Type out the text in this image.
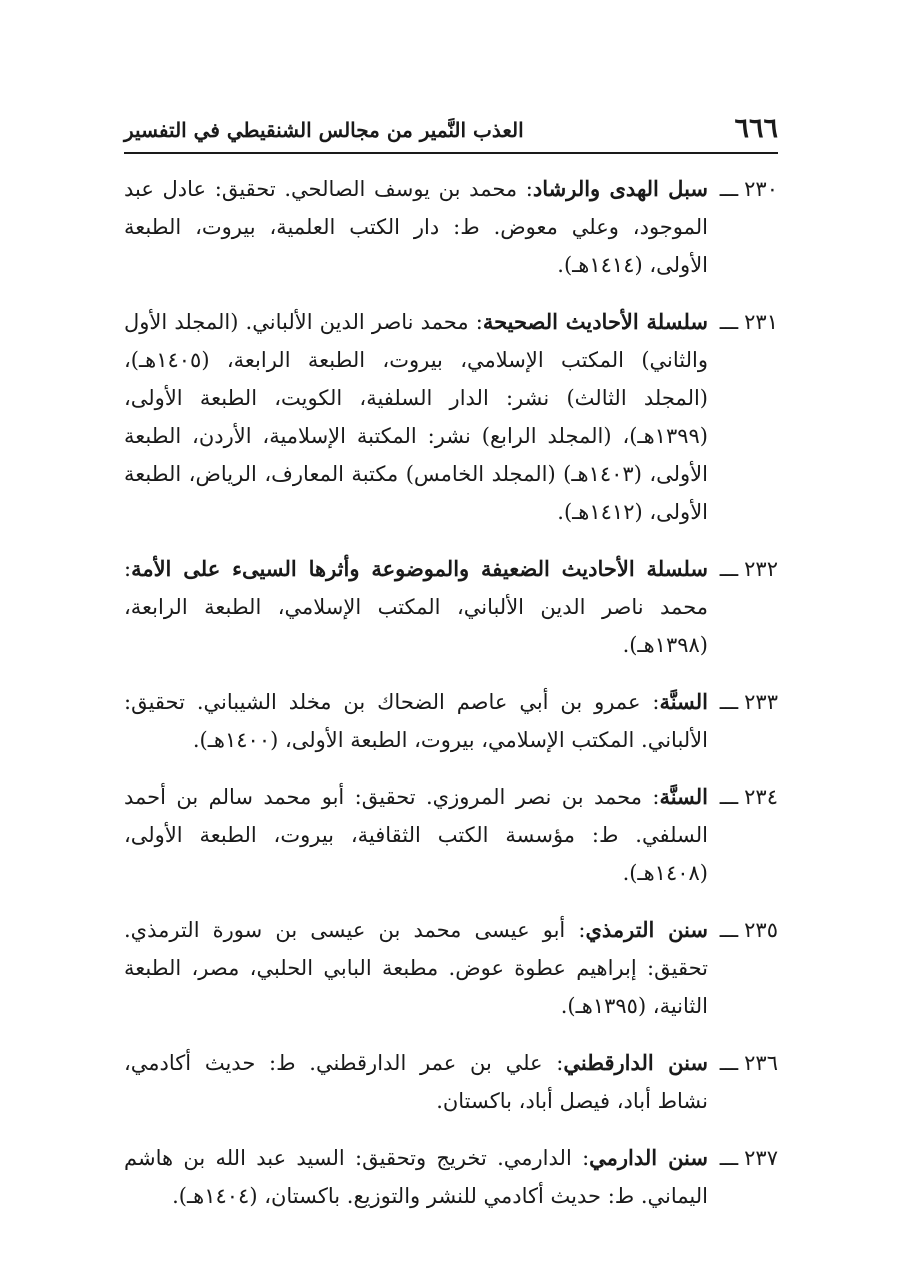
٦٦٦
العذب النَّمير من مجالس الشنقيطي في التفسير
٢٣٠ـــ
سبل الهدى والرشاد: محمد بن يوسف الصالحي. تحقيق: عادل عبد الموجود، وعلي معوض. ط: دار الكتب العلمية، بيروت، الطبعة الأولى، (١٤١٤هـ).
٢٣١ـــ
سلسلة الأحاديث الصحيحة: محمد ناصر الدين الألباني. (المجلد الأول والثاني) المكتب الإسلامي، بيروت، الطبعة الرابعة، (١٤٠٥هـ)، (المجلد الثالث) نشر: الدار السلفية، الكويت، الطبعة الأولى، (١٣٩٩هـ)، (المجلد الرابع) نشر: المكتبة الإسلامية، الأردن، الطبعة الأولى، (١٤٠٣هـ) (المجلد الخامس) مكتبة المعارف، الرياض، الطبعة الأولى، (١٤١٢هـ).
٢٣٢ـــ
سلسلة الأحاديث الضعيفة والموضوعة وأثرها السيىء على الأمة: محمد ناصر الدين الألباني، المكتب الإسلامي، الطبعة الرابعة، (١٣٩٨هـ).
٢٣٣ـــ
السنَّة: عمرو بن أبي عاصم الضحاك بن مخلد الشيباني. تحقيق: الألباني. المكتب الإسلامي، بيروت، الطبعة الأولى، (١٤٠٠هـ).
٢٣٤ـــ
السنَّة: محمد بن نصر المروزي. تحقيق: أبو محمد سالم بن أحمد السلفي. ط: مؤسسة الكتب الثقافية، بيروت، الطبعة الأولى، (١٤٠٨هـ).
٢٣٥ـــ
سنن الترمذي: أبو عيسى محمد بن عيسى بن سورة الترمذي. تحقيق: إبراهيم عطوة عوض. مطبعة البابي الحلبي، مصر، الطبعة الثانية، (١٣٩٥هـ).
٢٣٦ـــ
سنن الدارقطني: علي بن عمر الدارقطني. ط: حديث أكادمي، نشاط أباد، فيصل أباد، باكستان.
٢٣٧ـــ
سنن الدارمي: الدارمي. تخريج وتحقيق: السيد عبد الله بن هاشم اليماني. ط: حديث أكادمي للنشر والتوزيع. باكستان، (١٤٠٤هـ).
